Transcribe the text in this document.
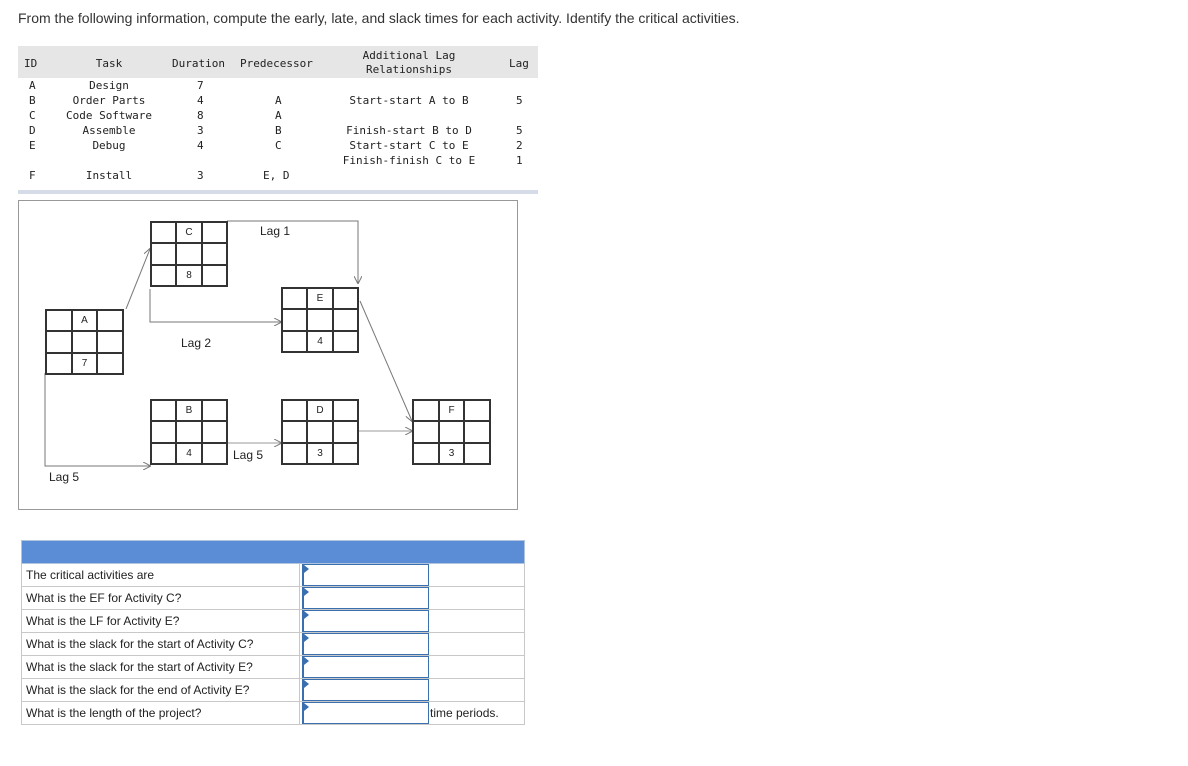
From the following information, compute the early, late, and slack times for each activity. Identify the critical activities.
ID	Task	Duration Predecessor
Additional Lag
Relationships	Lag
A	Design	7
B	Order Parts	4	A	Start-start A to B	5
C	Code Software	8	A
D	Assemble	3	B	Finish-start B to D	5
E	Debug	4	C	Start-start C to E	2
Finish-finish C to E	1
F	Install	3	E, D
A
7
C
8
B
4
E
4
D
3
F
3
Lag 1
Lag 2
Lag 5
Lag 5
The critical activities are
What is the EF for Activity C?
What is the LF for Activity E?
What is the slack for the start of Activity C?
What is the slack for the start of Activity E?
What is the slack for the end of Activity E?
What is the length of the project?	time periods.
